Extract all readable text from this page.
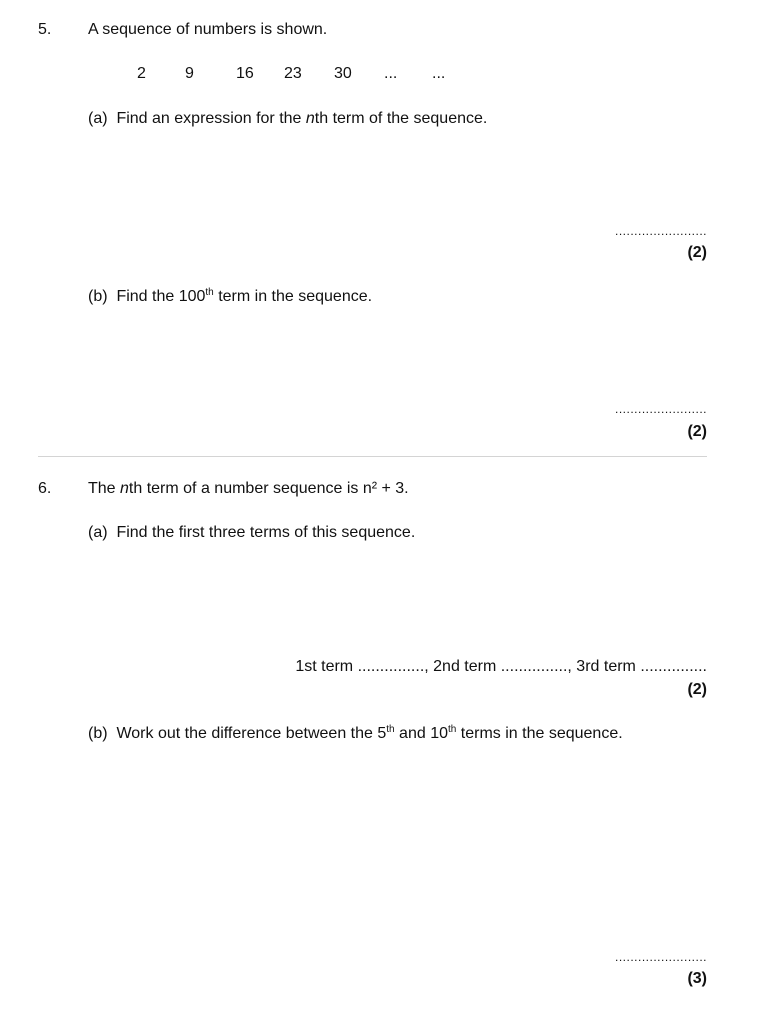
5. A sequence of numbers is shown.
2 9	16 23 30 ... ...
(a) Find an expression for the nth term of the sequence.
........................
(2)
(b) Find the 100th term in the sequence.
........................
(2)
6. The nth term of a number sequence is n² + 3.
(a) Find the first three terms of this sequence.
1st term ..............., 2nd term ..............., 3rd term ...............
(2)
(b) Work out the difference between the 5th and 10th terms in the sequence.
........................
(3)
